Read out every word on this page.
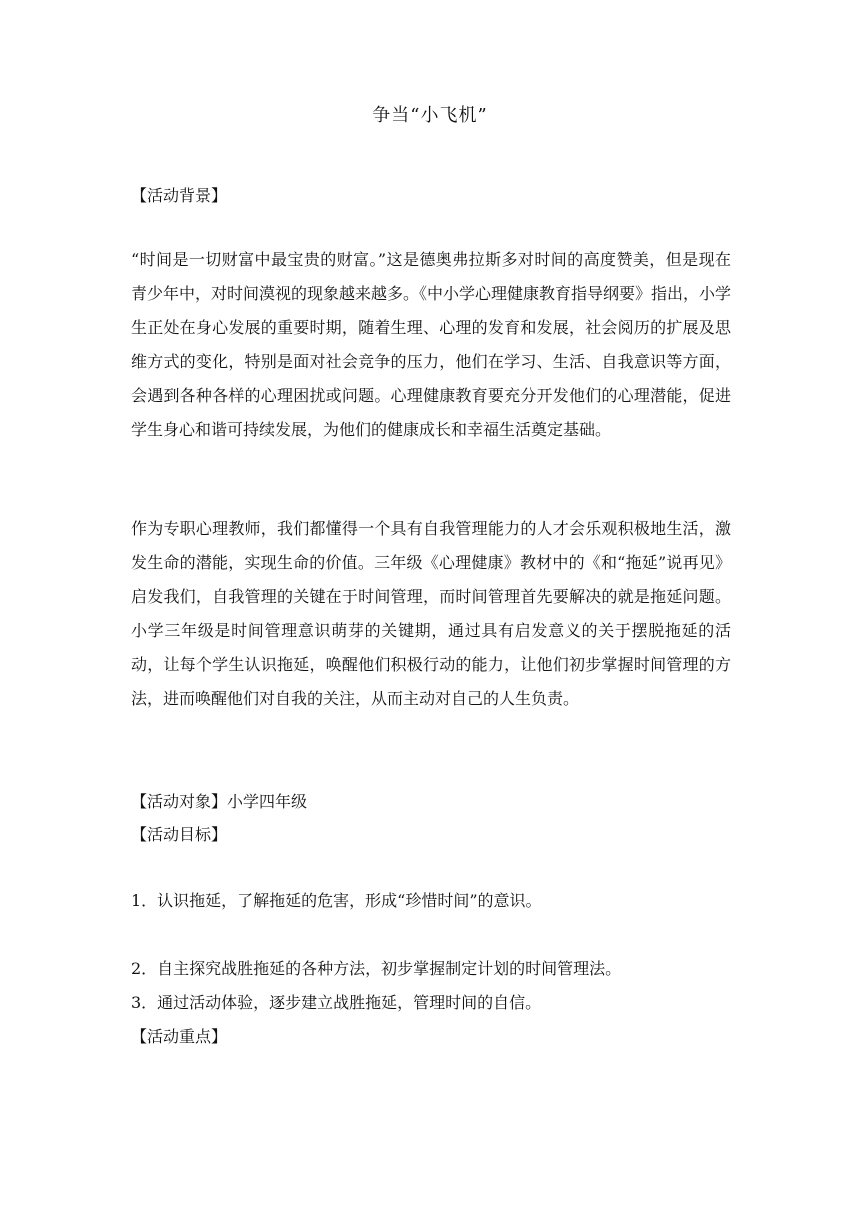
争当“小飞机”
【活动背景】

“时间是一切财富中最宝贵的财富。”这是德奥弗拉斯多对时间的高度赞美，但是现在青少年中，对时间漠视的现象越来越多。《中小学心理健康教育指导纲要》指出，小学生正处在身心发展的重要时期，随着生理、心理的发育和发展，社会阅历的扩展及思维方式的变化，特别是面对社会竞争的压力，他们在学习、生活、自我意识等方面，会遇到各种各样的心理困扰或问题。心理健康教育要充分开发他们的心理潜能，促进学生身心和谐可持续发展，为他们的健康成长和幸福生活奠定基础。

作为专职心理教师，我们都懂得一个具有自我管理能力的人才会乐观积极地生活，激发生命的潜能，实现生命的价值。三年级《心理健康》教材中的《和“拖延”说再见》启发我们，自我管理的关键在于时间管理，而时间管理首先要解决的就是拖延问题。小学三年级是时间管理意识萌芽的关键期，通过具有启发意义的关于摆脱拖延的活动，让每个学生认识拖延，唤醒他们积极行动的能力，让他们初步掌握时间管理的方法，进而唤醒他们对自我的关注，从而主动对自己的人生负责。

【活动对象】小学四年级
【活动目标】
1．认识拖延，了解拖延的危害，形成“珍惜时间”的意识。
2．自主探究战胜拖延的各种方法，初步掌握制定计划的时间管理法。
3．通过活动体验，逐步建立战胜拖延，管理时间的自信。
【活动重点】
